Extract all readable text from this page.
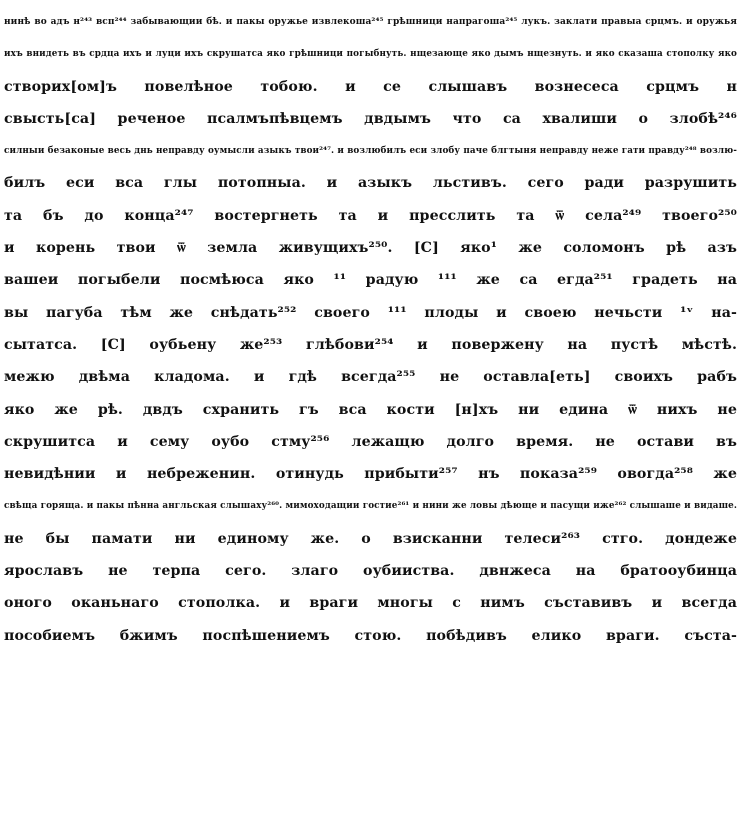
нинѣ во адъ н²⁴³ всп²⁴⁴ забывающии бѣ. и пакы оружье извлекоша²⁴⁵ грѣшници напрагоша²⁴⁵ лукъ. заклати правыа срцмъ. и оружья
ихъ внидеть въ срдца ихъ и луци ихъ скрушатса яко грѣшници погыбнуть. нщезающе яко дымъ нщезнуть. и яко сказаша стополку яко
створих[ом]ъ повелѣное тобою. и се слышавъ вознесеса срцмъ н
свысть[са] реченое псалмъпѣвцемъ двдымъ что са хвалиши о злобѣ²⁴⁶
силныи безаконые весь днь неправду оумысли азыкъ твои²⁴⁷. и возлюбилъ еси злобу паче блгтыня неправду неже гати правду²⁴⁸ возлю-
билъ еси вса глы потопныа. и азыкъ льстивъ. сего ради разрушить
та бъ до конца²⁴⁷ востергнеть та и пресслить та ѿ села²⁴⁹ твоего²⁵⁰
и корень твои ѿ земла живущихъ²⁵⁰. [C] яко¹ же соломонъ рѣ азъ
вашеи погыбели посмѣюса яко ¹¹ радую ¹¹¹ же са егда²⁵¹ градеть на
вы пагуба тѣм же снѣдать²⁵² своего ¹¹¹ плоды и своею нечьсти ¹ᵛ на-
сытатса. [C] оубьену же²⁵³ глѣбови²⁵⁴ и повержену на пустѣ мѣстѣ.
межю двѣма кладома. и гдѣ всегда²⁵⁵ не оставла[еть] своихъ рабъ
яко же рѣ. двдъ схранить гъ вса кости [н]хъ ни едина ѿ нихъ не
скрушитса и сему оубо стму²⁵⁶ лежащю долго время. не остави въ
невидѣнии и небреженин. отинудь прибыти²⁵⁷ нъ показа²⁵⁹ овогда²⁵⁸ же
свѣща горяща. и пакы пѣнна англьская слышаху²⁶⁰. мимоходащии гостие²⁶¹ и нини же ловы дѣюще и пасущи иже²⁶² слышаше и видаше.
не бы памати ни единому же. о взисканни телеси²⁶³ стго. дондеже
ярославъ не терпа сего. злаго оубииства. двнжеса на братооубинца
оного оканьнаго стополка. и враги многы с нимъ съставивъ и всегда
пособиемъ бжимъ поспѣшениемъ стою. побѣдивъ елико враги. съста-
